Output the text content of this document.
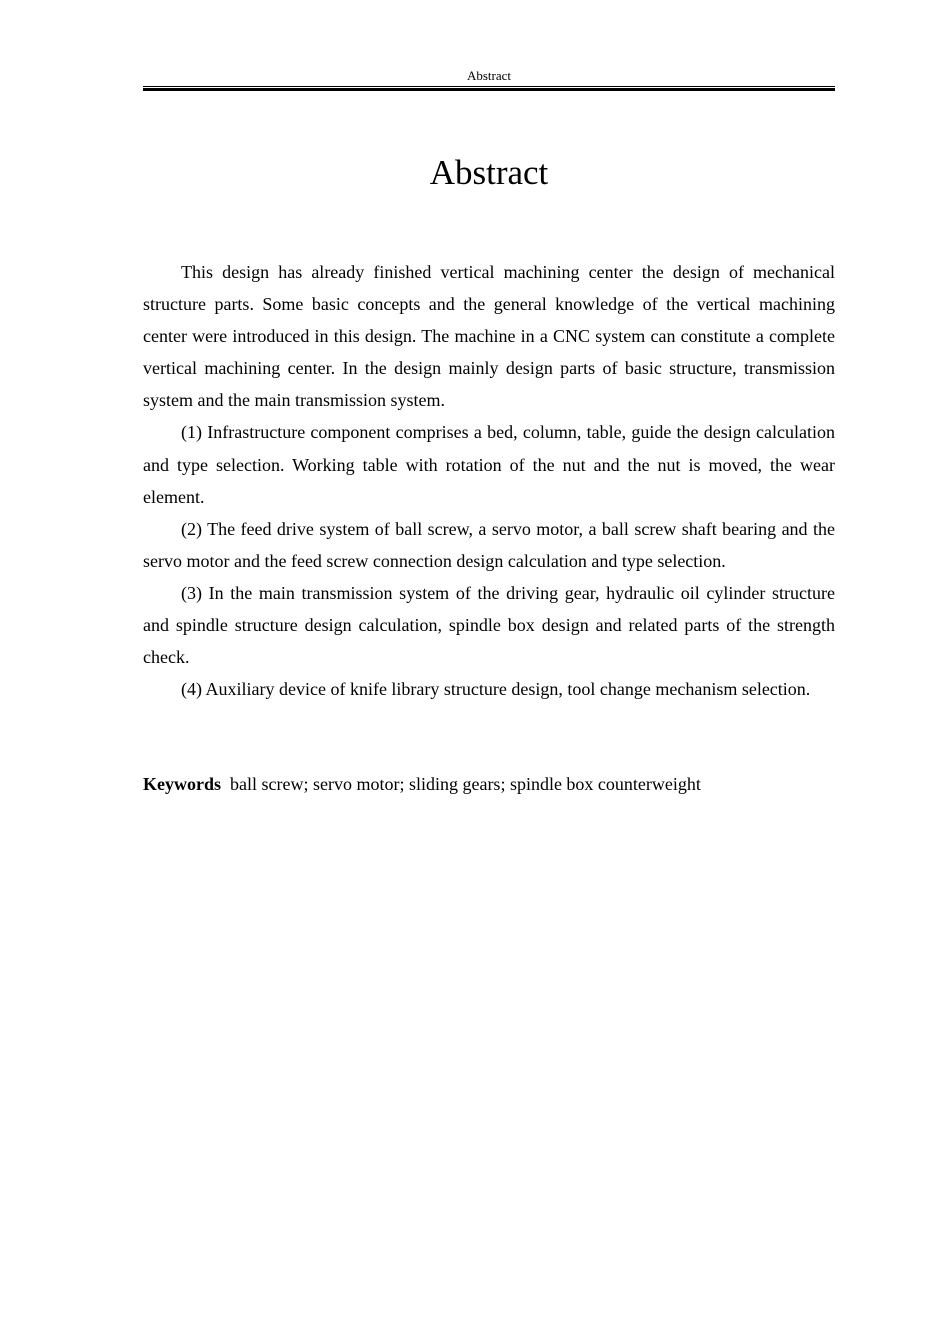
Abstract
Abstract

This design has already finished vertical machining center the design of mechanical structure parts. Some basic concepts and the general knowledge of the vertical machining center were introduced in this design. The machine in a CNC system can constitute a complete vertical machining center. In the design mainly design parts of basic structure, transmission system and the main transmission system.

(1) Infrastructure component comprises a bed, column, table, guide the design calculation and type selection. Working table with rotation of the nut and the nut is moved, the wear element.

(2) The feed drive system of ball screw, a servo motor, a ball screw shaft bearing and the servo motor and the feed screw connection design calculation and type selection.

(3) In the main transmission system of the driving gear, hydraulic oil cylinder structure and spindle structure design calculation, spindle box design and related parts of the strength check.

(4) Auxiliary device of knife library structure design, tool change mechanism selection.

Keywords ball screw; servo motor; sliding gears; spindle box counterweight
